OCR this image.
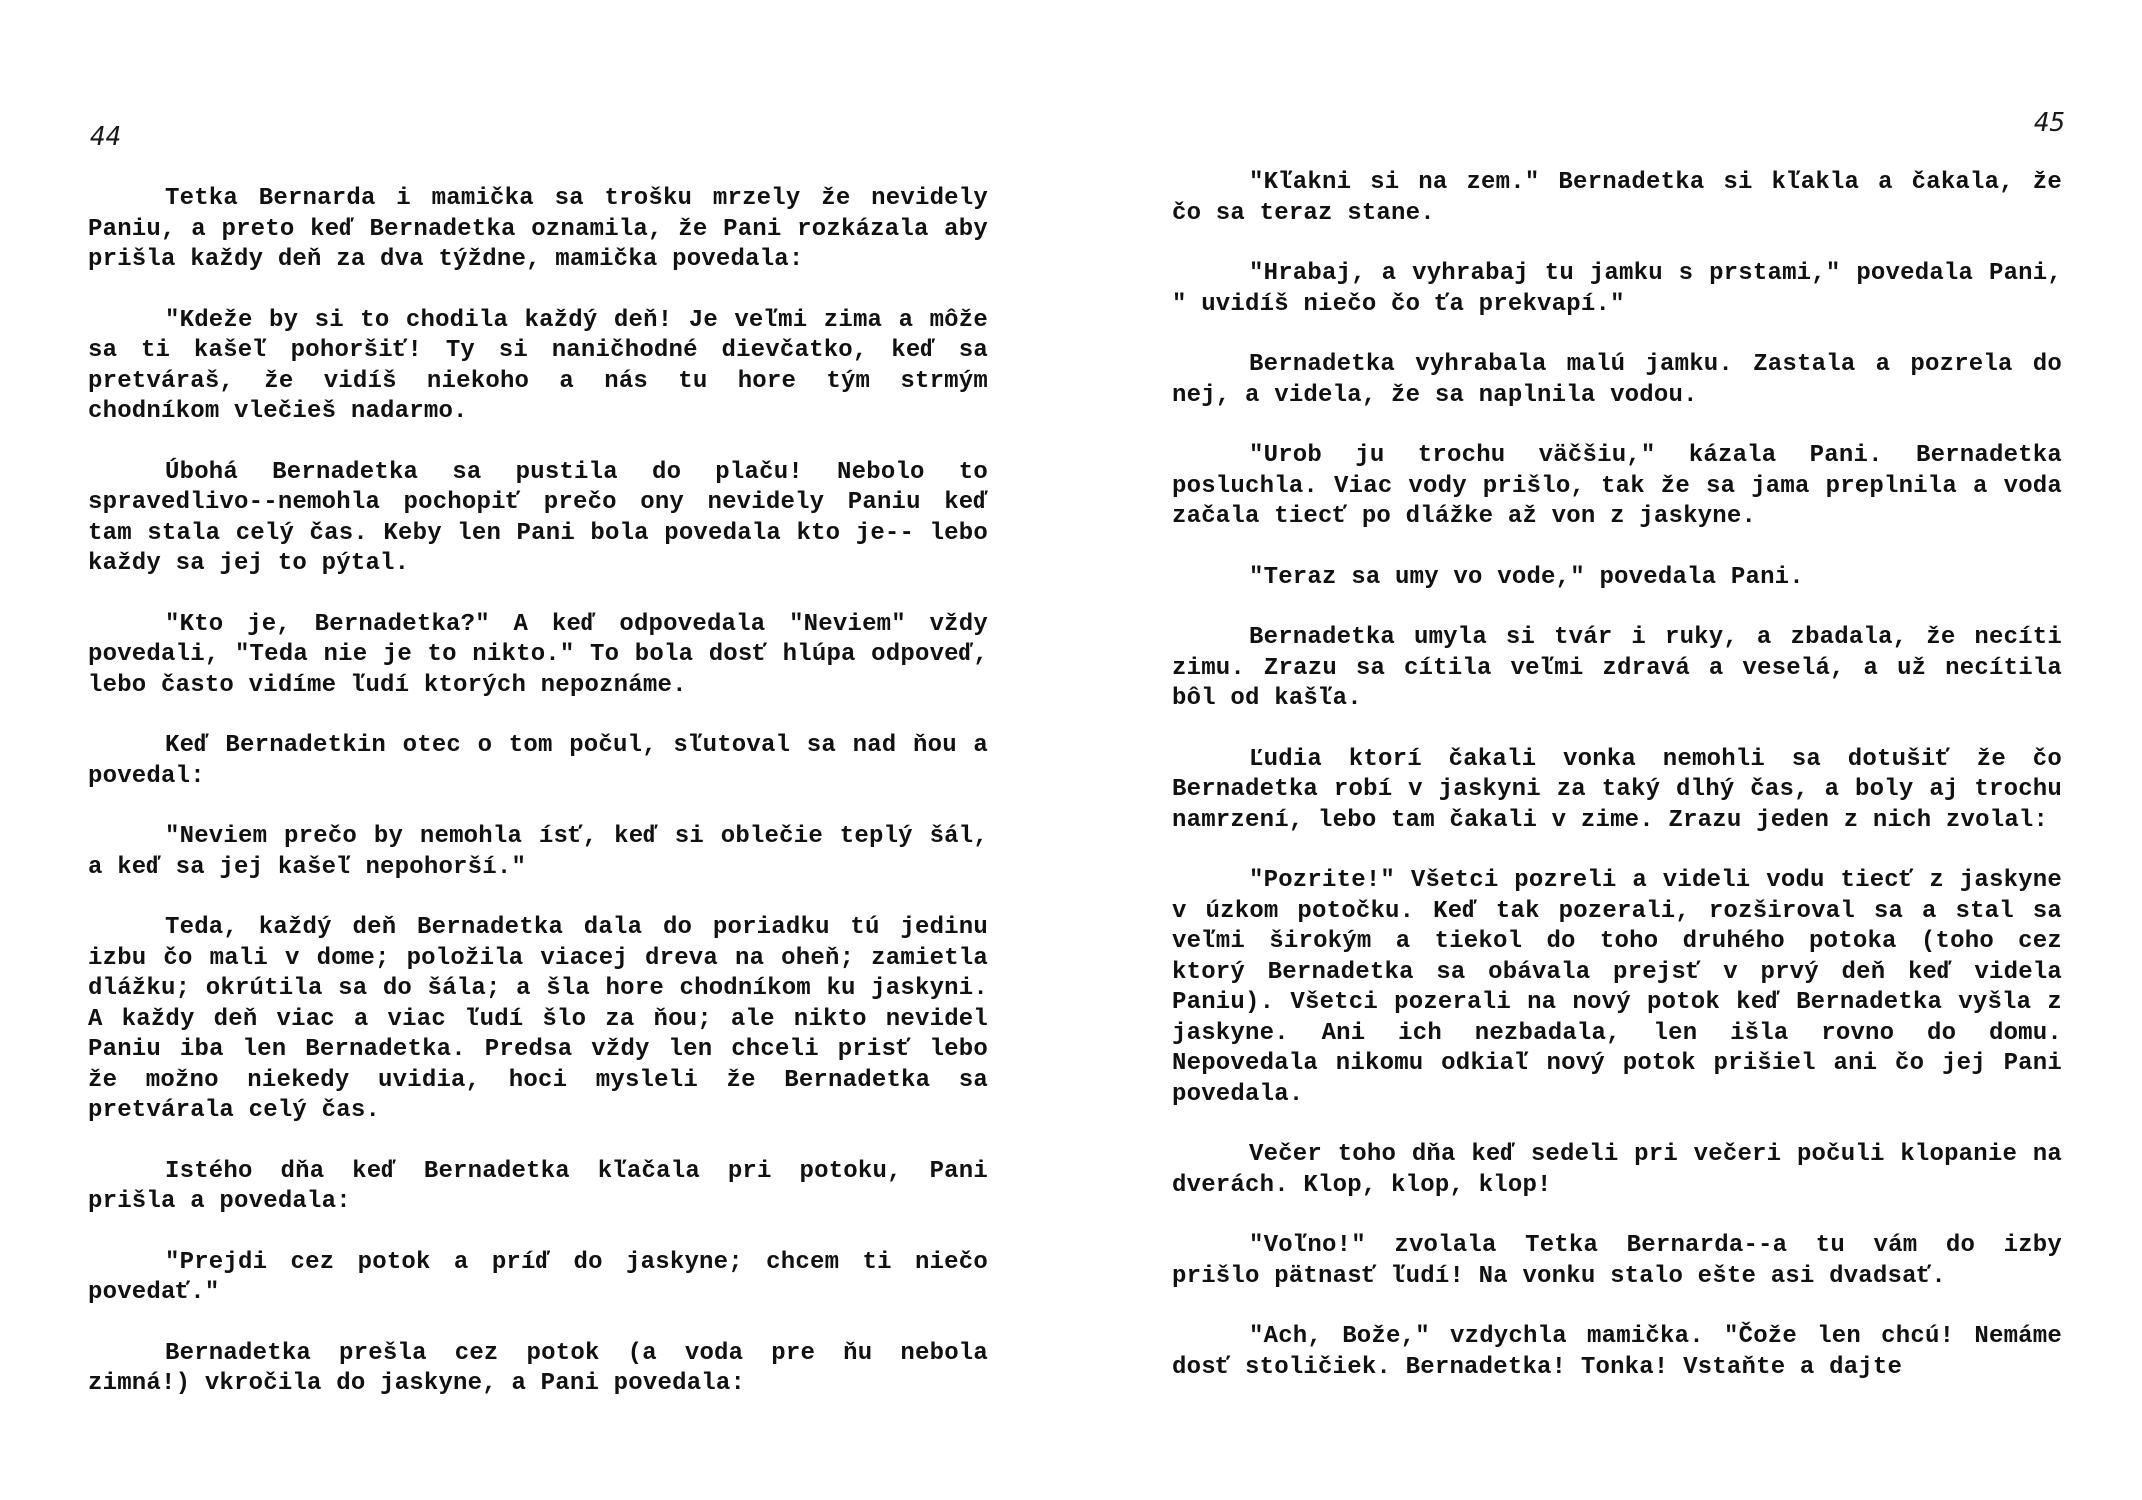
44

Tetka Bernarda i mamička sa trošku mrzely že nevidely Paniu, a preto keď Bernadetka oznamila, že Pani rozkázala aby prišla každy deň za dva týždne, mamička povedala:

"Kdeže by si to chodila každý deň! Je veľmi zima a môže sa ti kašeľ pohoršiť! Ty si naničhodné dievčatko, keď sa pretváraš, že vidíš niekoho a nás tu hore tým strmým chodníkom vlečieš nadarmo.

Úbohá Bernadetka sa pustila do plaču! Nebolo to spravedlivo--nemohla pochopiť prečo ony nevidely Paniu keď tam stala celý čas. Keby len Pani bola povedala kto je-- lebo každy sa jej to pýtal.

"Kto je, Bernadetka?" A keď odpovedala "Neviem" vždy povedali, "Teda nie je to nikto." To bola dosť hlúpa odpoveď, lebo často vidíme ľudí ktorých nepoznáme.

Keď Bernadetkin otec o tom počul, sľutoval sa nad ňou a povedal:

"Neviem prečo by nemohla ísť, keď si oblečie teplý šál, a keď sa jej kašeľ nepohorší."

Teda, každý deň Bernadetka dala do poriadku tú jedinu izbu čo mali v dome; položila viacej dreva na oheň; zamietla dlážku; okrútila sa do šála; a šla hore chodníkom ku jaskyni. A každy deň viac a viac ľudí šlo za ňou; ale nikto nevidel Paniu iba len Bernadetka. Predsa vždy len chceli prisť lebo že možno niekedy uvidia, hoci mysleli že Bernadetka sa pretvárala celý čas.

Istého dňa keď Bernadetka kľačala pri potoku, Pani prišla a povedala:

"Prejdi cez potok a príď do jaskyne; chcem ti niečo povedať."

Bernadetka prešla cez potok (a voda pre ňu nebola zimná!) vkročila do jaskyne, a Pani povedala:

45

"Kľakni si na zem." Bernadetka si kľakla a čakala, že čo sa teraz stane.

"Hrabaj, a vyhrabaj tu jamku s prstami," povedala Pani, " uvidíš niečo čo ťa prekvapí."

Bernadetka vyhrabala malú jamku. Zastala a pozrela do nej, a videla, že sa naplnila vodou.

"Urob ju trochu väčšiu," kázala Pani. Bernadetka posluchla. Viac vody prišlo, tak že sa jama preplnila a voda začala tiecť po dlážke až von z jaskyne.

"Teraz sa umy vo vode," povedala Pani.

Bernadetka umyla si tvár i ruky, a zbadala, že necíti zimu. Zrazu sa cítila veľmi zdravá a veselá, a už necítila bôl od kašľa.

Ľudia ktorí čakali vonka nemohli sa dotušiť že čo Bernadetka robí v jaskyni za taký dlhý čas, a boly aj trochu namrzení, lebo tam čakali v zime. Zrazu jeden z nich zvolal:

"Pozrite!" Všetci pozreli a videli vodu tiecť z jaskyne v úzkom potočku. Keď tak pozerali, rozširoval sa a stal sa veľmi širokým a tiekol do toho druhého potoka (toho cez ktorý Bernadetka sa obávala prejsť v prvý deň keď videla Paniu). Všetci pozerali na nový potok keď Bernadetka vyšla z jaskyne. Ani ich nezbadala, len išla rovno do domu. Nepovedala nikomu odkiaľ nový potok prišiel ani čo jej Pani povedala.

Večer toho dňa keď sedeli pri večeri počuli klopanie na dverách. Klop, klop, klop!

"Voľno!" zvolala Tetka Bernarda--a tu vám do izby prišlo pätnasť ľudí! Na vonku stalo ešte asi dvadsať.

"Ach, Bože," vzdychla mamička. "Čože len chcú! Nemáme dosť stoličiek. Bernadetka! Tonka! Vstaňte a dajte
